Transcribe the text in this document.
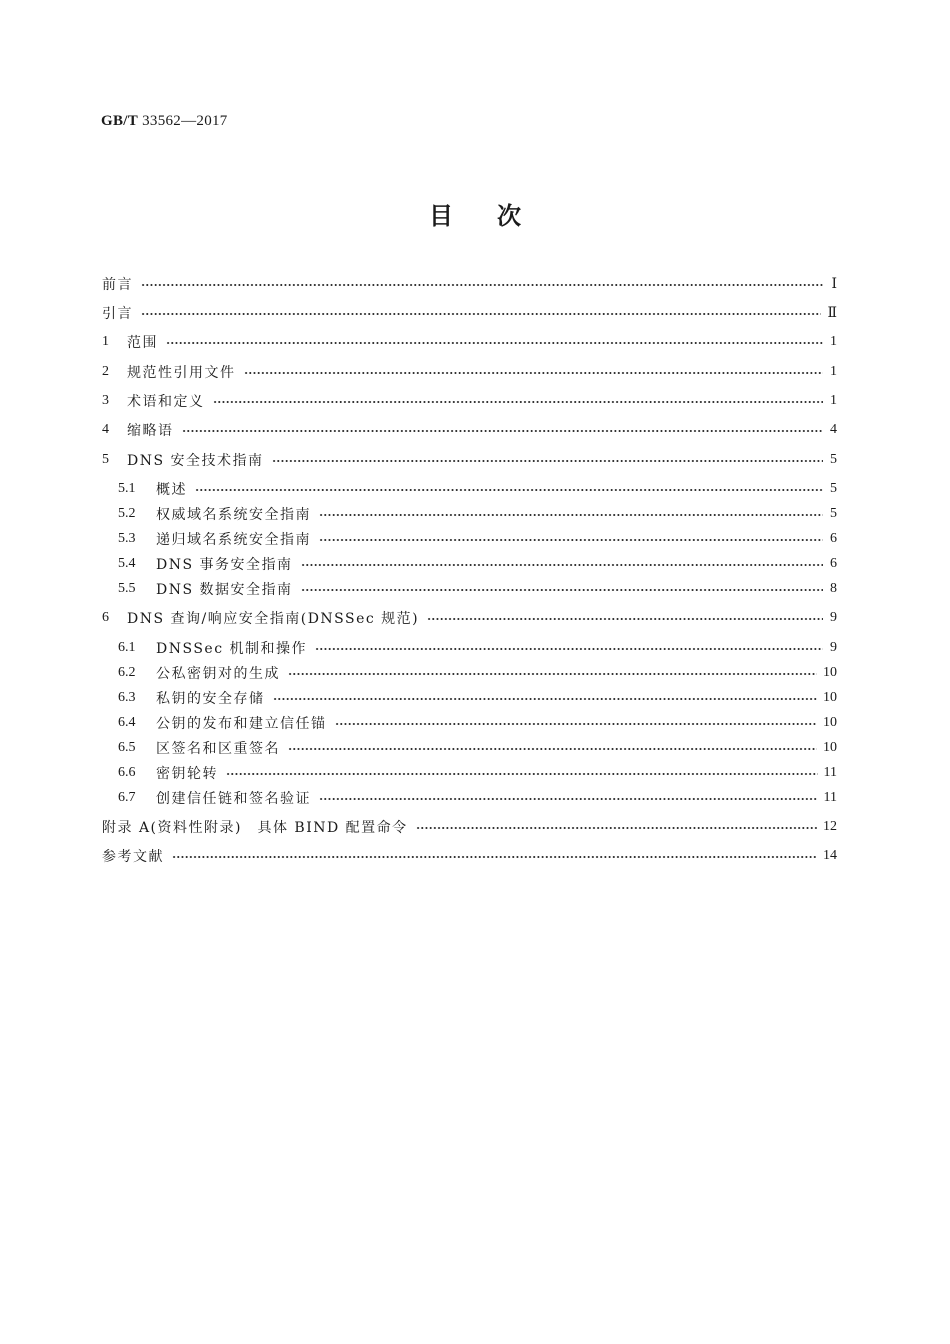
GB/T 33562—2017
目次
前言	Ⅰ
引言	Ⅱ
1	范围	1
2	规范性引用文件	1
3	术语和定义	1
4	缩略语	4
5	DNS 安全技术指南	5
5.1	概述	5
5.2	权威域名系统安全指南	5
5.3	递归域名系统安全指南	6
5.4	DNS 事务安全指南	6
5.5	DNS 数据安全指南	8
6	DNS 查询/响应安全指南(DNSSec 规范)	9
6.1	DNSSec 机制和操作	9
6.2	公私密钥对的生成	10
6.3	私钥的安全存储	10
6.4	公钥的发布和建立信任锚	10
6.5	区签名和区重签名	10
6.6	密钥轮转	11
6.7	创建信任链和签名验证	11
附录 A(资料性附录)　具体 BIND 配置命令	12
参考文献	14
